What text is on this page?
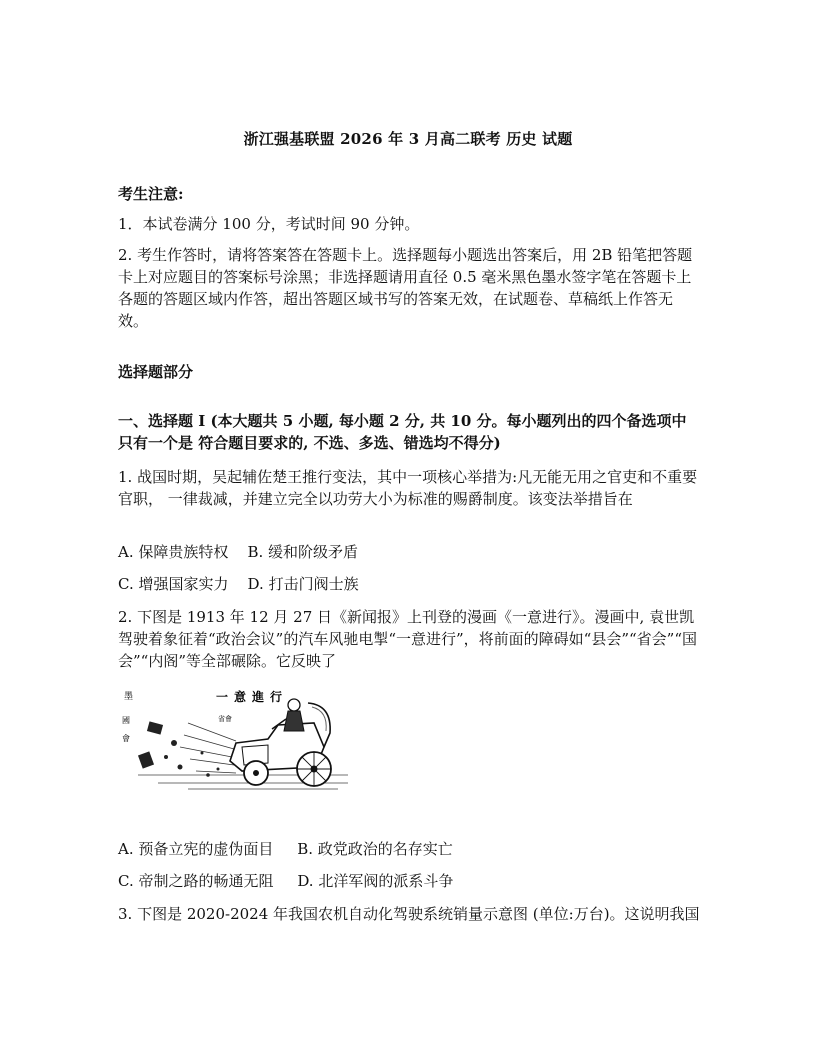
浙江强基联盟 2026 年 3 月高二联考 历史 试题

考生注意:

1．本试卷满分 100 分，考试时间 90 分钟。

2. 考生作答时，请将答案答在答题卡上。选择题每小题选出答案后，用 2B 铅笔把答题卡上对应题目的答案标号涂黑；非选择题请用直径 0.5 毫米黑色墨水签字笔在答题卡上各题的答题区域内作答，超出答题区域书写的答案无效，在试题卷、草稿纸上作答无效。

选择题部分

一、选择题 I (本大题共 5 小题, 每小题 2 分, 共 10 分。每小题列出的四个备选项中只有一个是 符合题目要求的, 不选、多选、错选均不得分)

1. 战国时期，吴起辅佐楚王推行变法，其中一项核心举措为:凡无能无用之官吏和不重要官职， 一律裁减，并建立完全以功劳大小为标准的赐爵制度。该变法举措旨在

A. 保障贵族特权    B. 缓和阶级矛盾

C. 增强国家实力    D. 打击门阀士族

2. 下图是 1913 年 12 月 27 日《新闻报》上刊登的漫画《一意进行》。漫画中, 袁世凯驾驶着象征着“政治会议”的汽车风驰电掣“一意进行”，将前面的障碍如“县会”“省会”“国会”“内阁”等全部碾除。它反映了

一意進行
國
會
省會
墨

A. 预备立宪的虚伪面目     B. 政党政治的名存实亡

C. 帝制之路的畅通无阻     D. 北洋军阀的派系斗争

3. 下图是 2020-2024 年我国农机自动化驾驶系统销量示意图 (单位:万台)。这说明我国
